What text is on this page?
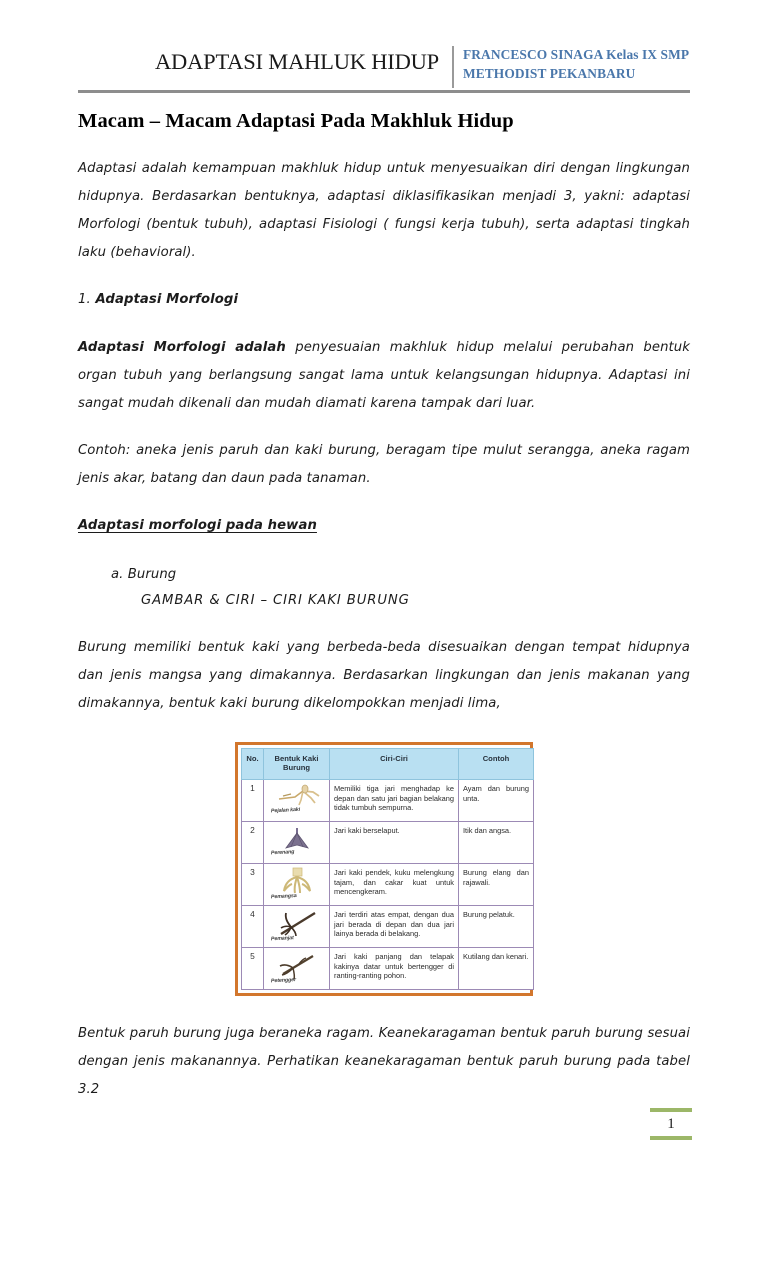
ADAPTASI MAHLUK HIDUP	FRANCESCO SINAGA Kelas IX SMP METHODIST PEKANBARU
Macam – Macam Adaptasi Pada Makhluk Hidup

Adaptasi adalah kemampuan makhluk hidup untuk menyesuaikan diri dengan lingkungan hidupnya. Berdasarkan bentuknya, adaptasi diklasifikasikan menjadi 3, yakni: adaptasi Morfologi (bentuk tubuh), adaptasi Fisiologi ( fungsi kerja tubuh), serta adaptasi tingkah laku (behavioral).

1. Adaptasi Morfologi

Adaptasi Morfologi adalah penyesuaian makhluk hidup melalui perubahan bentuk organ tubuh yang berlangsung sangat lama untuk kelangsungan hidupnya. Adaptasi ini sangat mudah dikenali dan mudah diamati karena tampak dari luar.

Contoh: aneka jenis paruh dan kaki burung, beragam tipe mulut serangga, aneka ragam jenis akar, batang dan daun pada tanaman.

Adaptasi morfologi pada hewan

a. Burung

GAMBAR & CIRI – CIRI KAKI BURUNG

Burung memiliki bentuk kaki yang berbeda-beda disesuaikan dengan tempat hidupnya dan jenis mangsa yang dimakannya. Berdasarkan lingkungan dan jenis makanan yang dimakannya, bentuk kaki burung dikelompokkan menjadi lima,

No.	Bentuk Kaki Burung	Ciri-Ciri	Contoh
1	Pejalan kaki	Memiliki tiga jari menghadap ke depan dan satu jari bagian belakang tidak tumbuh sempurna.	Ayam dan burung unta.
2	Perenang	Jari kaki berselaput.	Itik dan angsa.
3	Pemangsa	Jari kaki pendek, kuku melengkung tajam, dan cakar kuat untuk mencengkeram.	Burung elang dan rajawali.
4	Pemanjat	Jari terdiri atas empat, dengan dua jari berada di depan dan dua jari lainya berada di belakang.	Burung pelatuk.
5	Petengger	Jari kaki panjang dan telapak kakinya datar untuk bertengger di ranting-ranting pohon.	Kutilang dan kenari.

Bentuk paruh burung juga beraneka ragam. Keanekaragaman bentuk paruh burung sesuai dengan jenis makanannya. Perhatikan keanekaragaman bentuk paruh burung pada tabel 3.2

1
